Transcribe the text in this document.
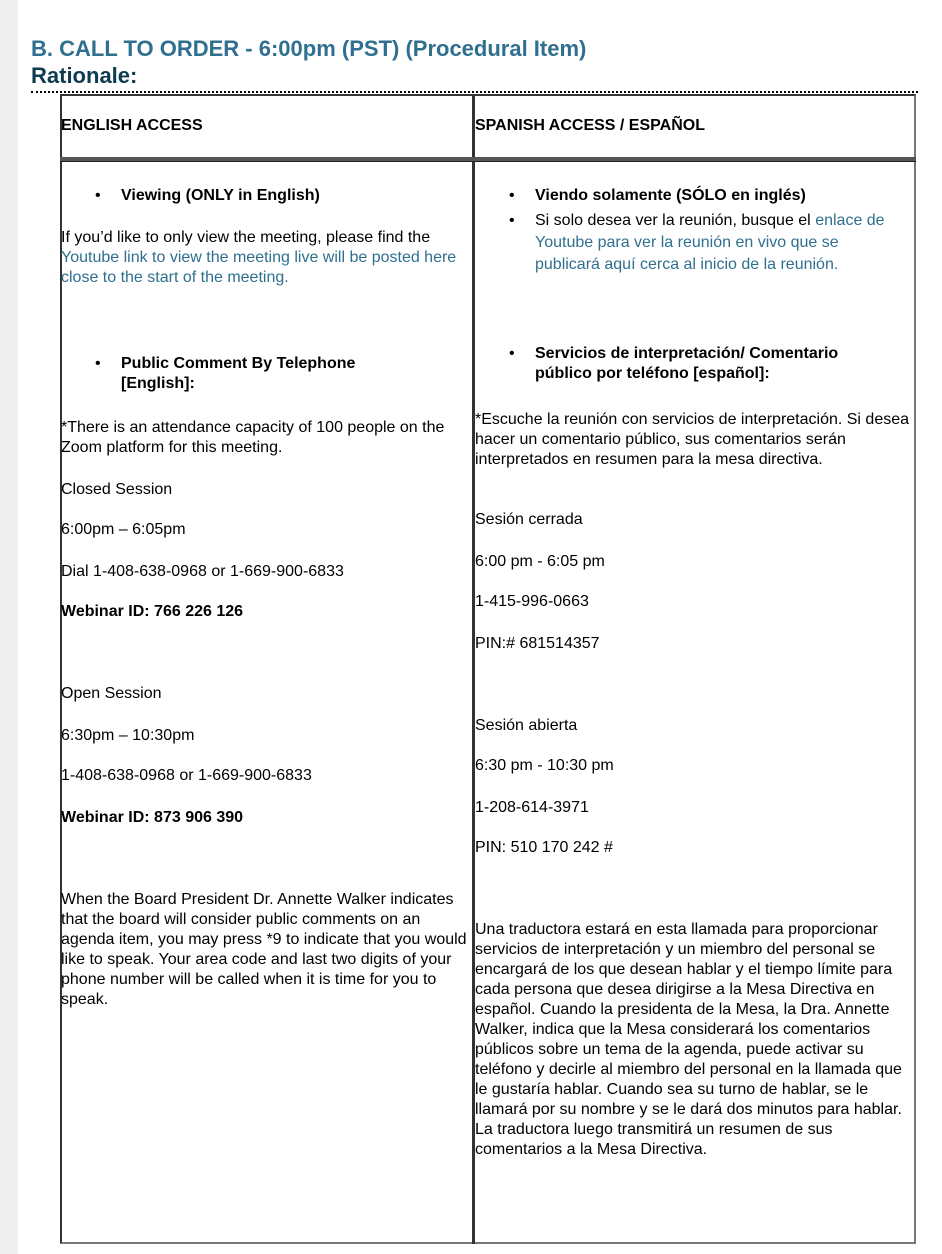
B. CALL TO ORDER - 6:00pm (PST) (Procedural Item)
Rationale:
ENGLISH ACCESS	SPANISH ACCESS / ESPAÑOL
• Viewing (ONLY in English)
If you’d like to only view the meeting, please find the Youtube link to view the meeting live will be posted here close to the start of the meeting.
• Public Comment By Telephone [English]:
*There is an attendance capacity of 100 people on the Zoom platform for this meeting.
Closed Session
6:00pm – 6:05pm
Dial 1-408-638-0968 or 1-669-900-6833
Webinar ID: 766 226 126
Open Session
6:30pm – 10:30pm
1-408-638-0968 or 1-669-900-6833
Webinar ID: 873 906 390
When the Board President Dr. Annette Walker indicates that the board will consider public comments on an agenda item, you may press *9 to indicate that you would like to speak. Your area code and last two digits of your phone number will be called when it is time for you to speak.
• Viendo solamente (SÓLO en inglés)
• Si solo desea ver la reunión, busque el enlace de Youtube para ver la reunión en vivo que se publicará aquí cerca al inicio de la reunión.
• Servicios de interpretación/ Comentario público por teléfono [español]:
*Escuche la reunión con servicios de interpretación. Si desea hacer un comentario público, sus comentarios serán interpretados en resumen para la mesa directiva.
Sesión cerrada
6:00 pm - 6:05 pm
1-415-996-0663
PIN:# 681514357
Sesión abierta
6:30 pm - 10:30 pm
1-208-614-3971
PIN: 510 170 242 #
Una traductora estará en esta llamada para proporcionar servicios de interpretación y un miembro del personal se encargará de los que desean hablar y el tiempo límite para cada persona que desea dirigirse a la Mesa Directiva en español. Cuando la presidenta de la Mesa, la Dra. Annette Walker, indica que la Mesa considerará los comentarios públicos sobre un tema de la agenda, puede activar su teléfono y decirle al miembro del personal en la llamada que le gustaría hablar. Cuando sea su turno de hablar, se le llamará por su nombre y se le dará dos minutos para hablar. La traductora luego transmitirá un resumen de sus comentarios a la Mesa Directiva.
